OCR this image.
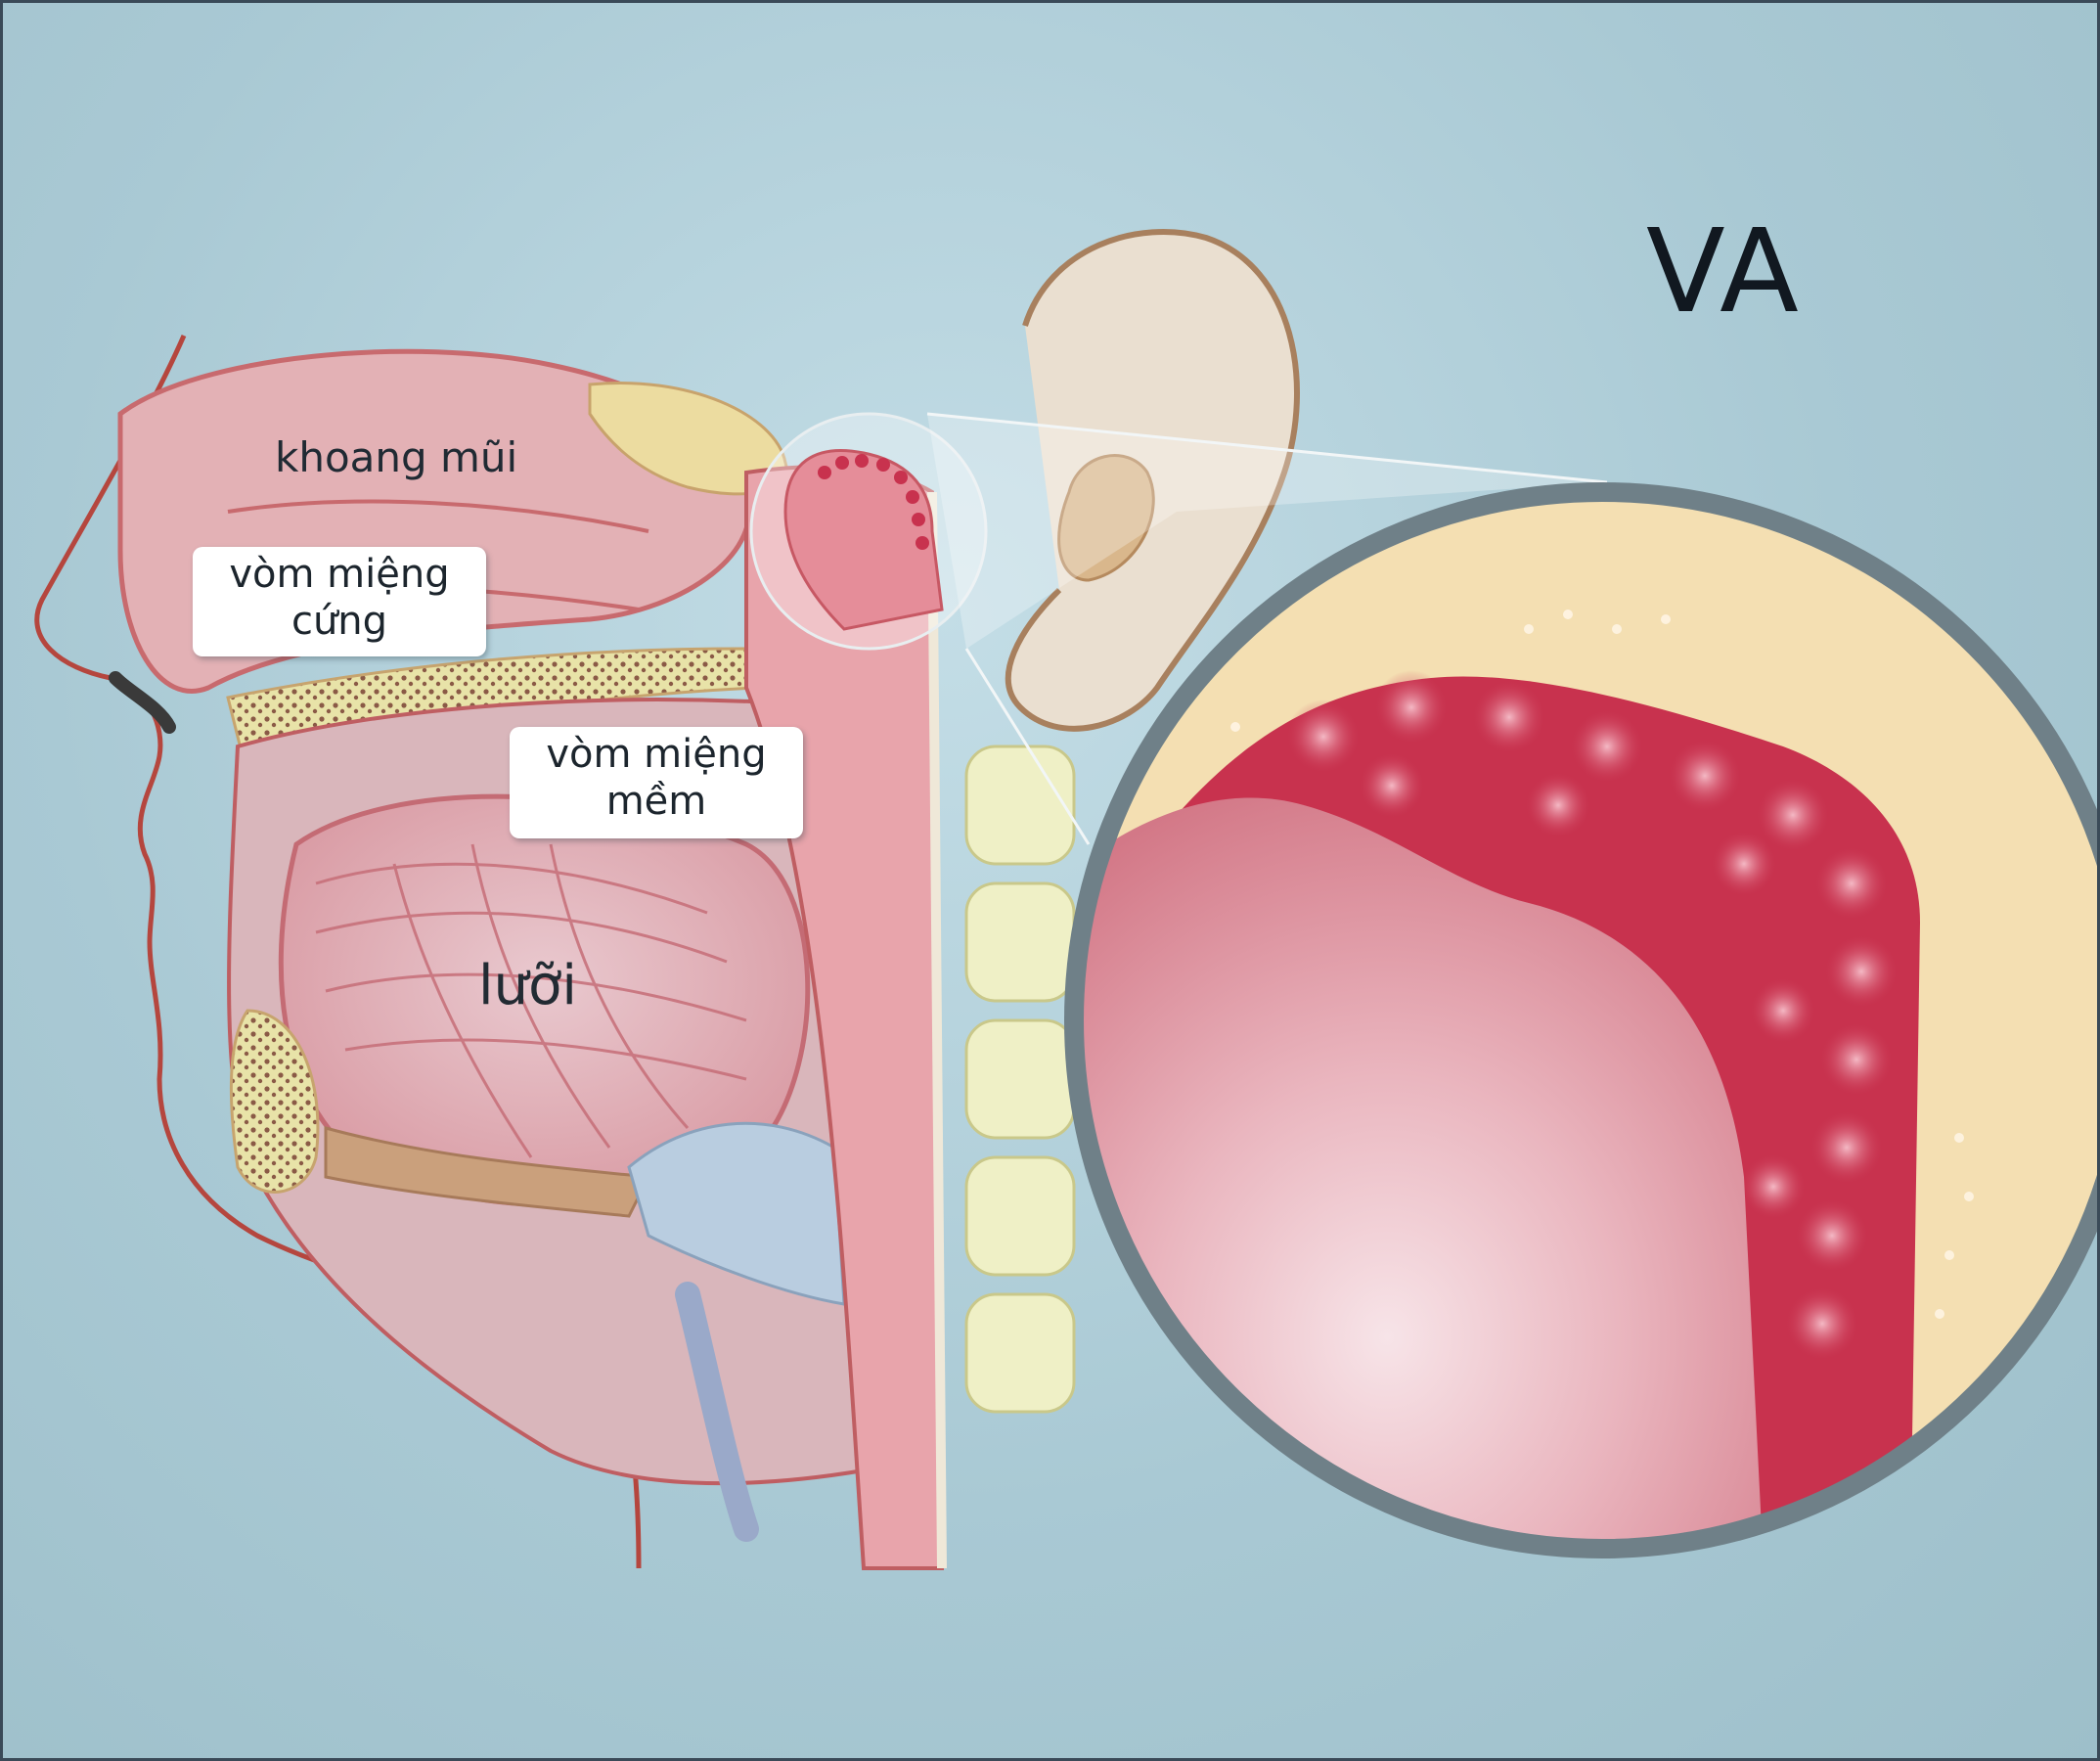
VA
khoang mũi
vòm miệng
cứng
vòm miệng
mềm
lưỡi
